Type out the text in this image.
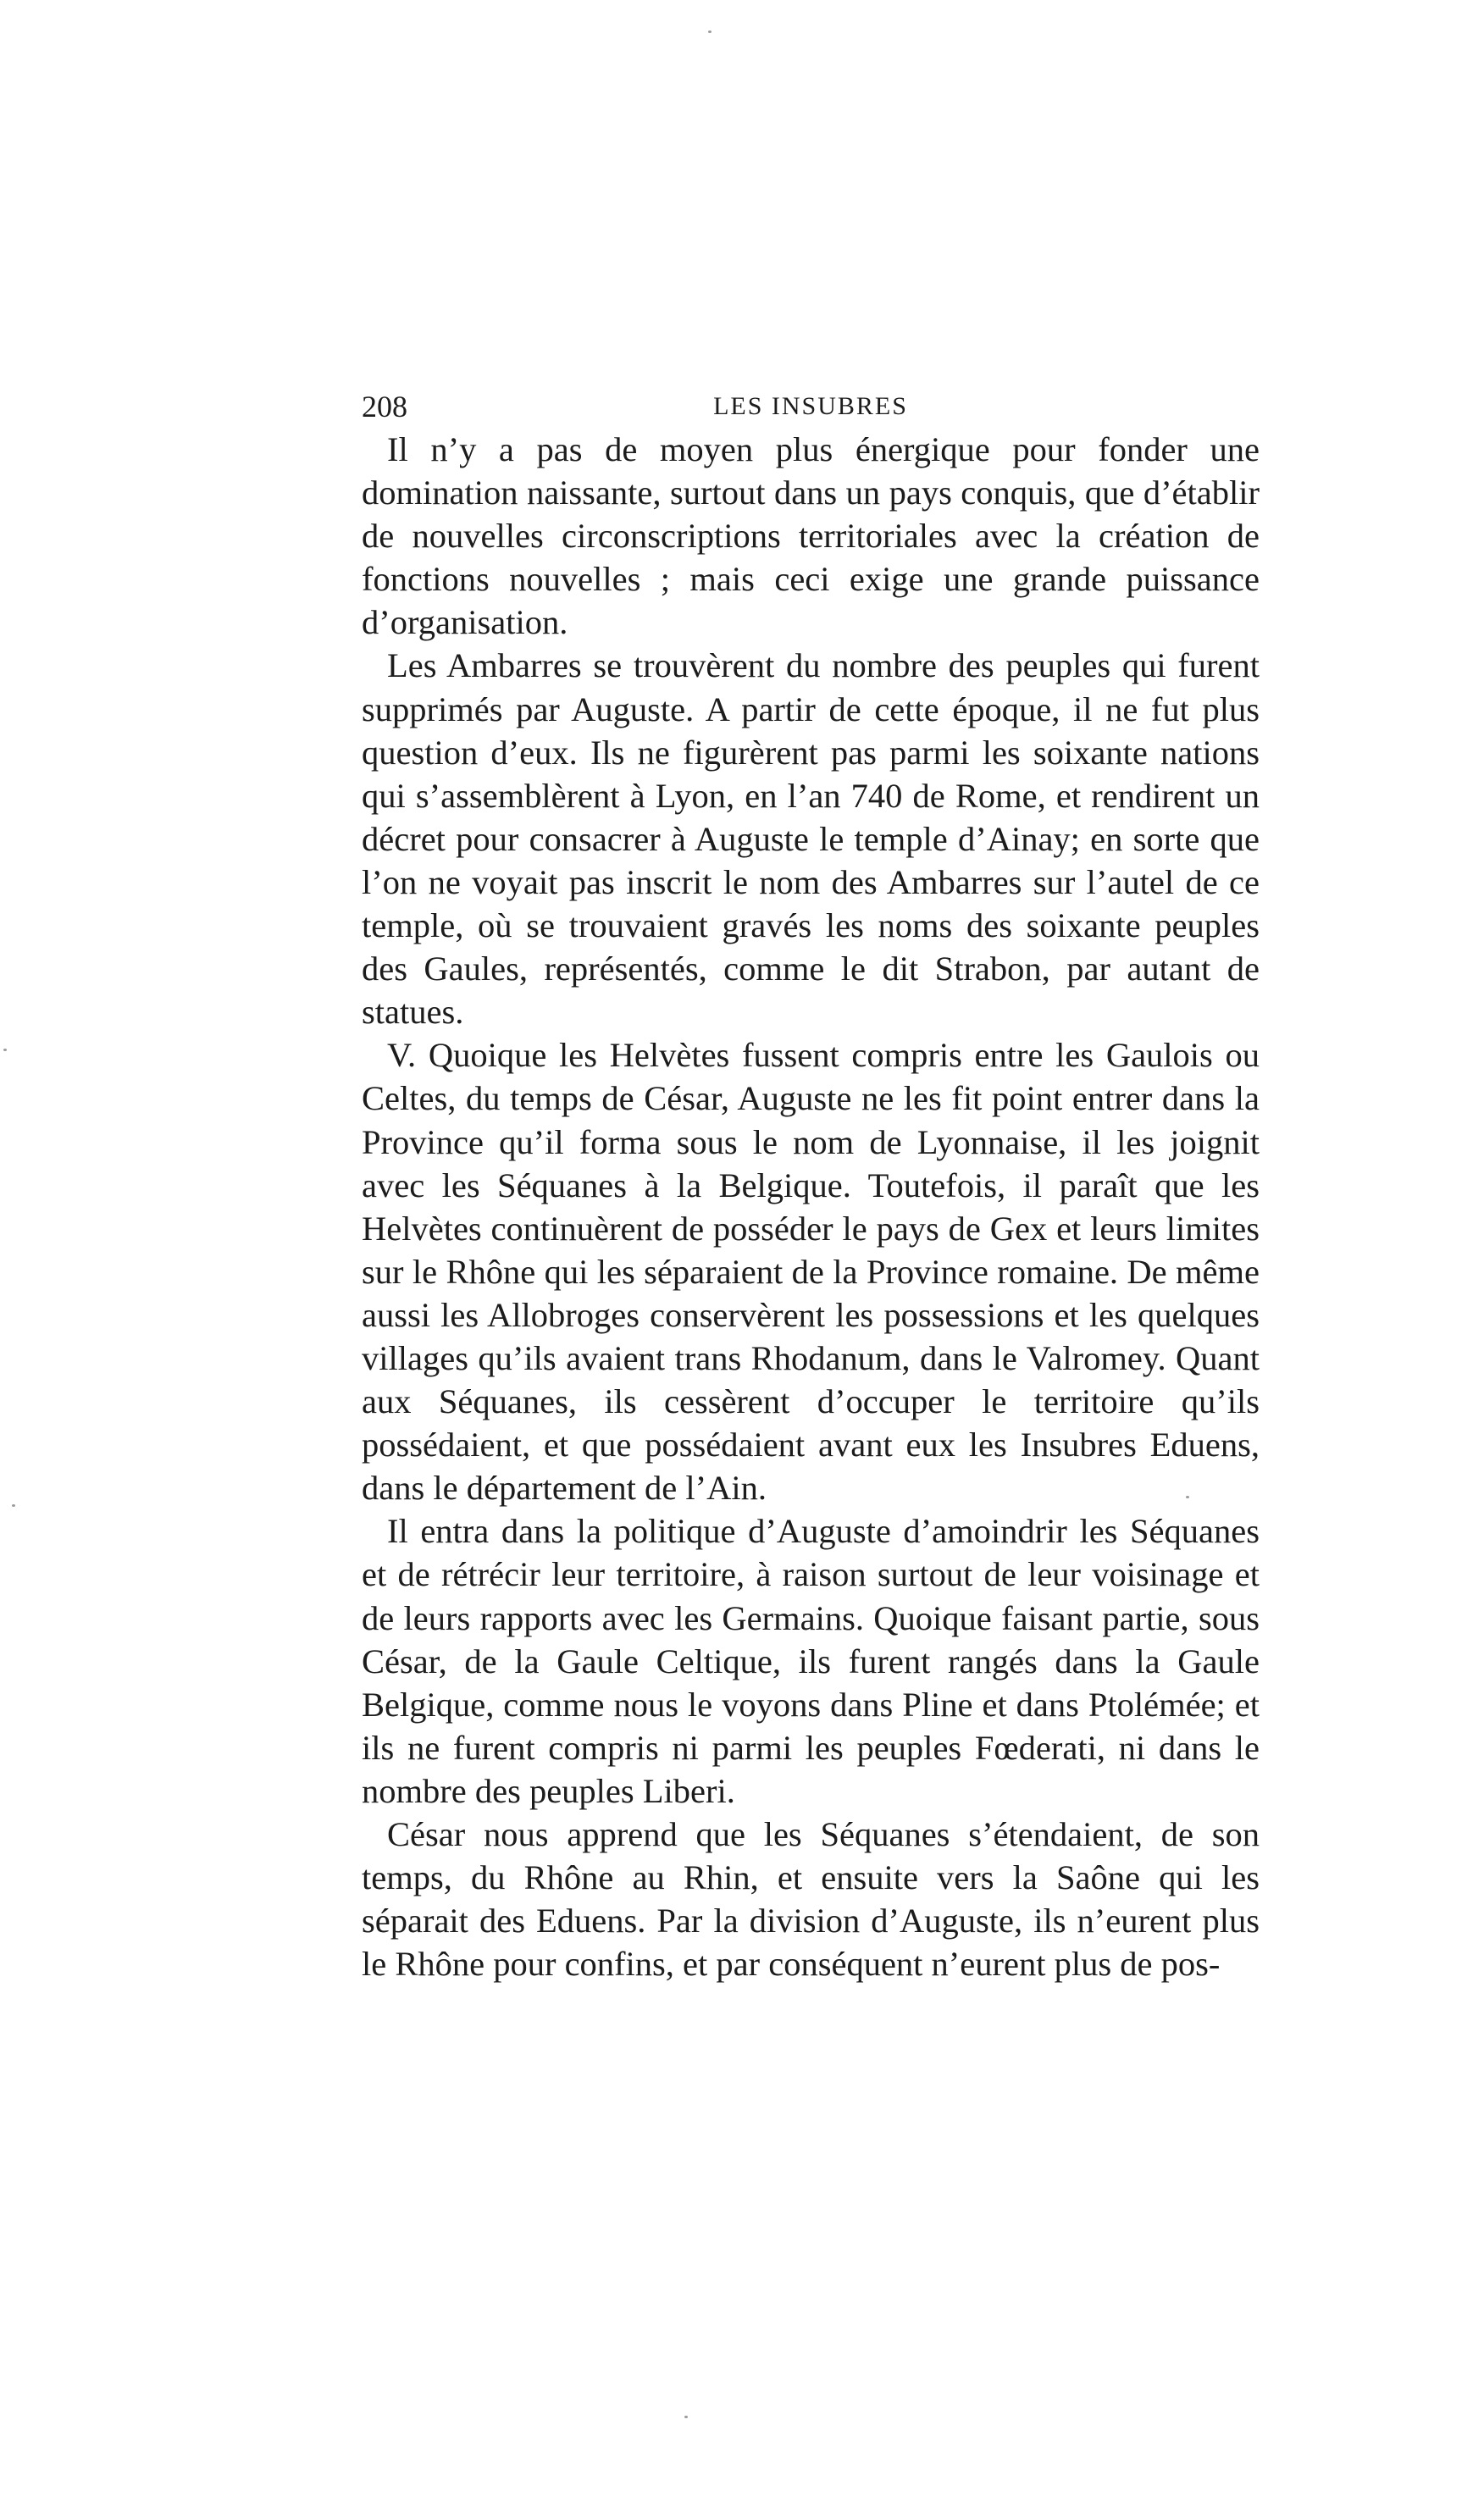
208	LES INSUBRES

Il n’y a pas de moyen plus énergique pour fonder une domination naissante, surtout dans un pays conquis, que d’établir de nouvelles circonscriptions territoriales avec la création de fonctions nouvelles ; mais ceci exige une grande puissance d’organisation.

Les Ambarres se trouvèrent du nombre des peuples qui furent supprimés par Auguste. A partir de cette époque, il ne fut plus question d’eux. Ils ne figurèrent pas parmi les soixante nations qui s’assemblèrent à Lyon, en l’an 740 de Rome, et rendirent un décret pour consacrer à Auguste le temple d’Ainay; en sorte que l’on ne voyait pas inscrit le nom des Ambarres sur l’autel de ce temple, où se trouvaient gravés les noms des soixante peuples des Gaules, représentés, comme le dit Strabon, par autant de statues.

V. Quoique les Helvètes fussent compris entre les Gaulois ou Celtes, du temps de César, Auguste ne les fit point entrer dans la Province qu’il forma sous le nom de Lyonnaise, il les joignit avec les Séquanes à la Belgique. Toutefois, il paraît que les Helvètes continuèrent de posséder le pays de Gex et leurs limites sur le Rhône qui les séparaient de la Province romaine. De même aussi les Allobroges conservèrent les possessions et les quelques villages qu’ils avaient trans Rhodanum, dans le Valromey. Quant aux Séquanes, ils cessèrent d’occuper le territoire qu’ils possédaient, et que possédaient avant eux les Insubres Eduens, dans le département de l’Ain.

Il entra dans la politique d’Auguste d’amoindrir les Séquanes et de rétrécir leur territoire, à raison surtout de leur voisinage et de leurs rapports avec les Germains. Quoique faisant partie, sous César, de la Gaule Celtique, ils furent rangés dans la Gaule Belgique, comme nous le voyons dans Pline et dans Ptolémée; et ils ne furent compris ni parmi les peuples Fœderati, ni dans le nombre des peuples Liberi.

César nous apprend que les Séquanes s’étendaient, de son temps, du Rhône au Rhin, et ensuite vers la Saône qui les séparait des Eduens. Par la division d’Auguste, ils n’eurent plus le Rhône pour confins, et par conséquent n’eurent plus de pos-
